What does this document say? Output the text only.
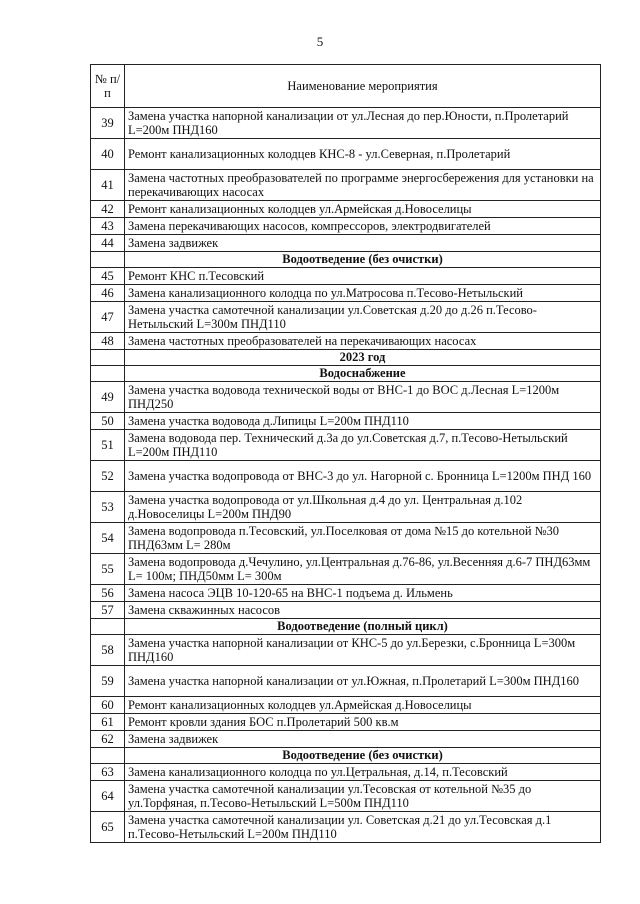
5
№ п/п	Наименование мероприятия
39	Замена участка напорной канализации от ул.Лесная до пер.Юности, п.Пролетарий L=200м ПНД160
40	Ремонт канализационных колодцев КНС-8 - ул.Северная, п.Пролетарий
41	Замена частотных преобразователей по программе энергосбережения для установки на перекачивающих насосах
42	Ремонт канализационных колодцев ул.Армейская д.Новоселицы
43	Замена перекачивающих насосов, компрессоров, электродвигателей
44	Замена задвижек
	Водоотведение (без очистки)
45	Ремонт КНС п.Тесовский
46	Замена канализационного колодца по ул.Матросова п.Тесово-Нетыльский
47	Замена участка самотечной канализации ул.Советская д.20 до д.26 п.Тесово-Нетыльский L=300м ПНД110
48	Замена частотных преобразователей на перекачивающих насосах
	2023 год
	Водоснабжение
49	Замена участка водовода технической воды от ВНС-1 до ВОС д.Лесная L=1200м ПНД250
50	Замена участка водовода д.Липицы L=200м ПНД110
51	Замена водовода пер. Технический д.3а до ул.Советская д.7, п.Тесово-Нетыльский L=200м ПНД110
52	Замена участка водопровода от ВНС-3 до ул. Нагорной с. Бронница L=1200м ПНД 160
53	Замена участка водопровода от ул.Школьная д.4 до ул. Центральная д.102 д.Новоселицы L=200м ПНД90
54	Замена водопровода п.Тесовский, ул.Поселковая от дома №15 до котельной №30 ПНД63мм L= 280м
55	Замена водопровода д.Чечулино, ул.Центральная д.76-86, ул.Весенняя д.6-7 ПНД63мм L= 100м; ПНД50мм L= 300м
56	Замена насоса ЭЦВ 10-120-65 на ВНС-1 подъема д. Ильмень
57	Замена скважинных насосов
	Водоотведение (полный цикл)
58	Замена участка напорной канализации от КНС-5 до ул.Березки, с.Бронница L=300м ПНД160
59	Замена участка напорной канализации от ул.Южная, п.Пролетарий L=300м ПНД160
60	Ремонт канализационных колодцев ул.Армейская д.Новоселицы
61	Ремонт кровли здания БОС п.Пролетарий 500 кв.м
62	Замена задвижек
	Водоотведение (без очистки)
63	Замена канализационного колодца по ул.Цетральная, д.14, п.Тесовский
64	Замена участка самотечной канализации ул.Тесовская от котельной №35 до ул.Торфяная, п.Тесово-Нетыльский L=500м ПНД110
65	Замена участка самотечной канализации ул. Советская д.21 до ул.Тесовская д.1 п.Тесово-Нетыльский L=200м ПНД110
